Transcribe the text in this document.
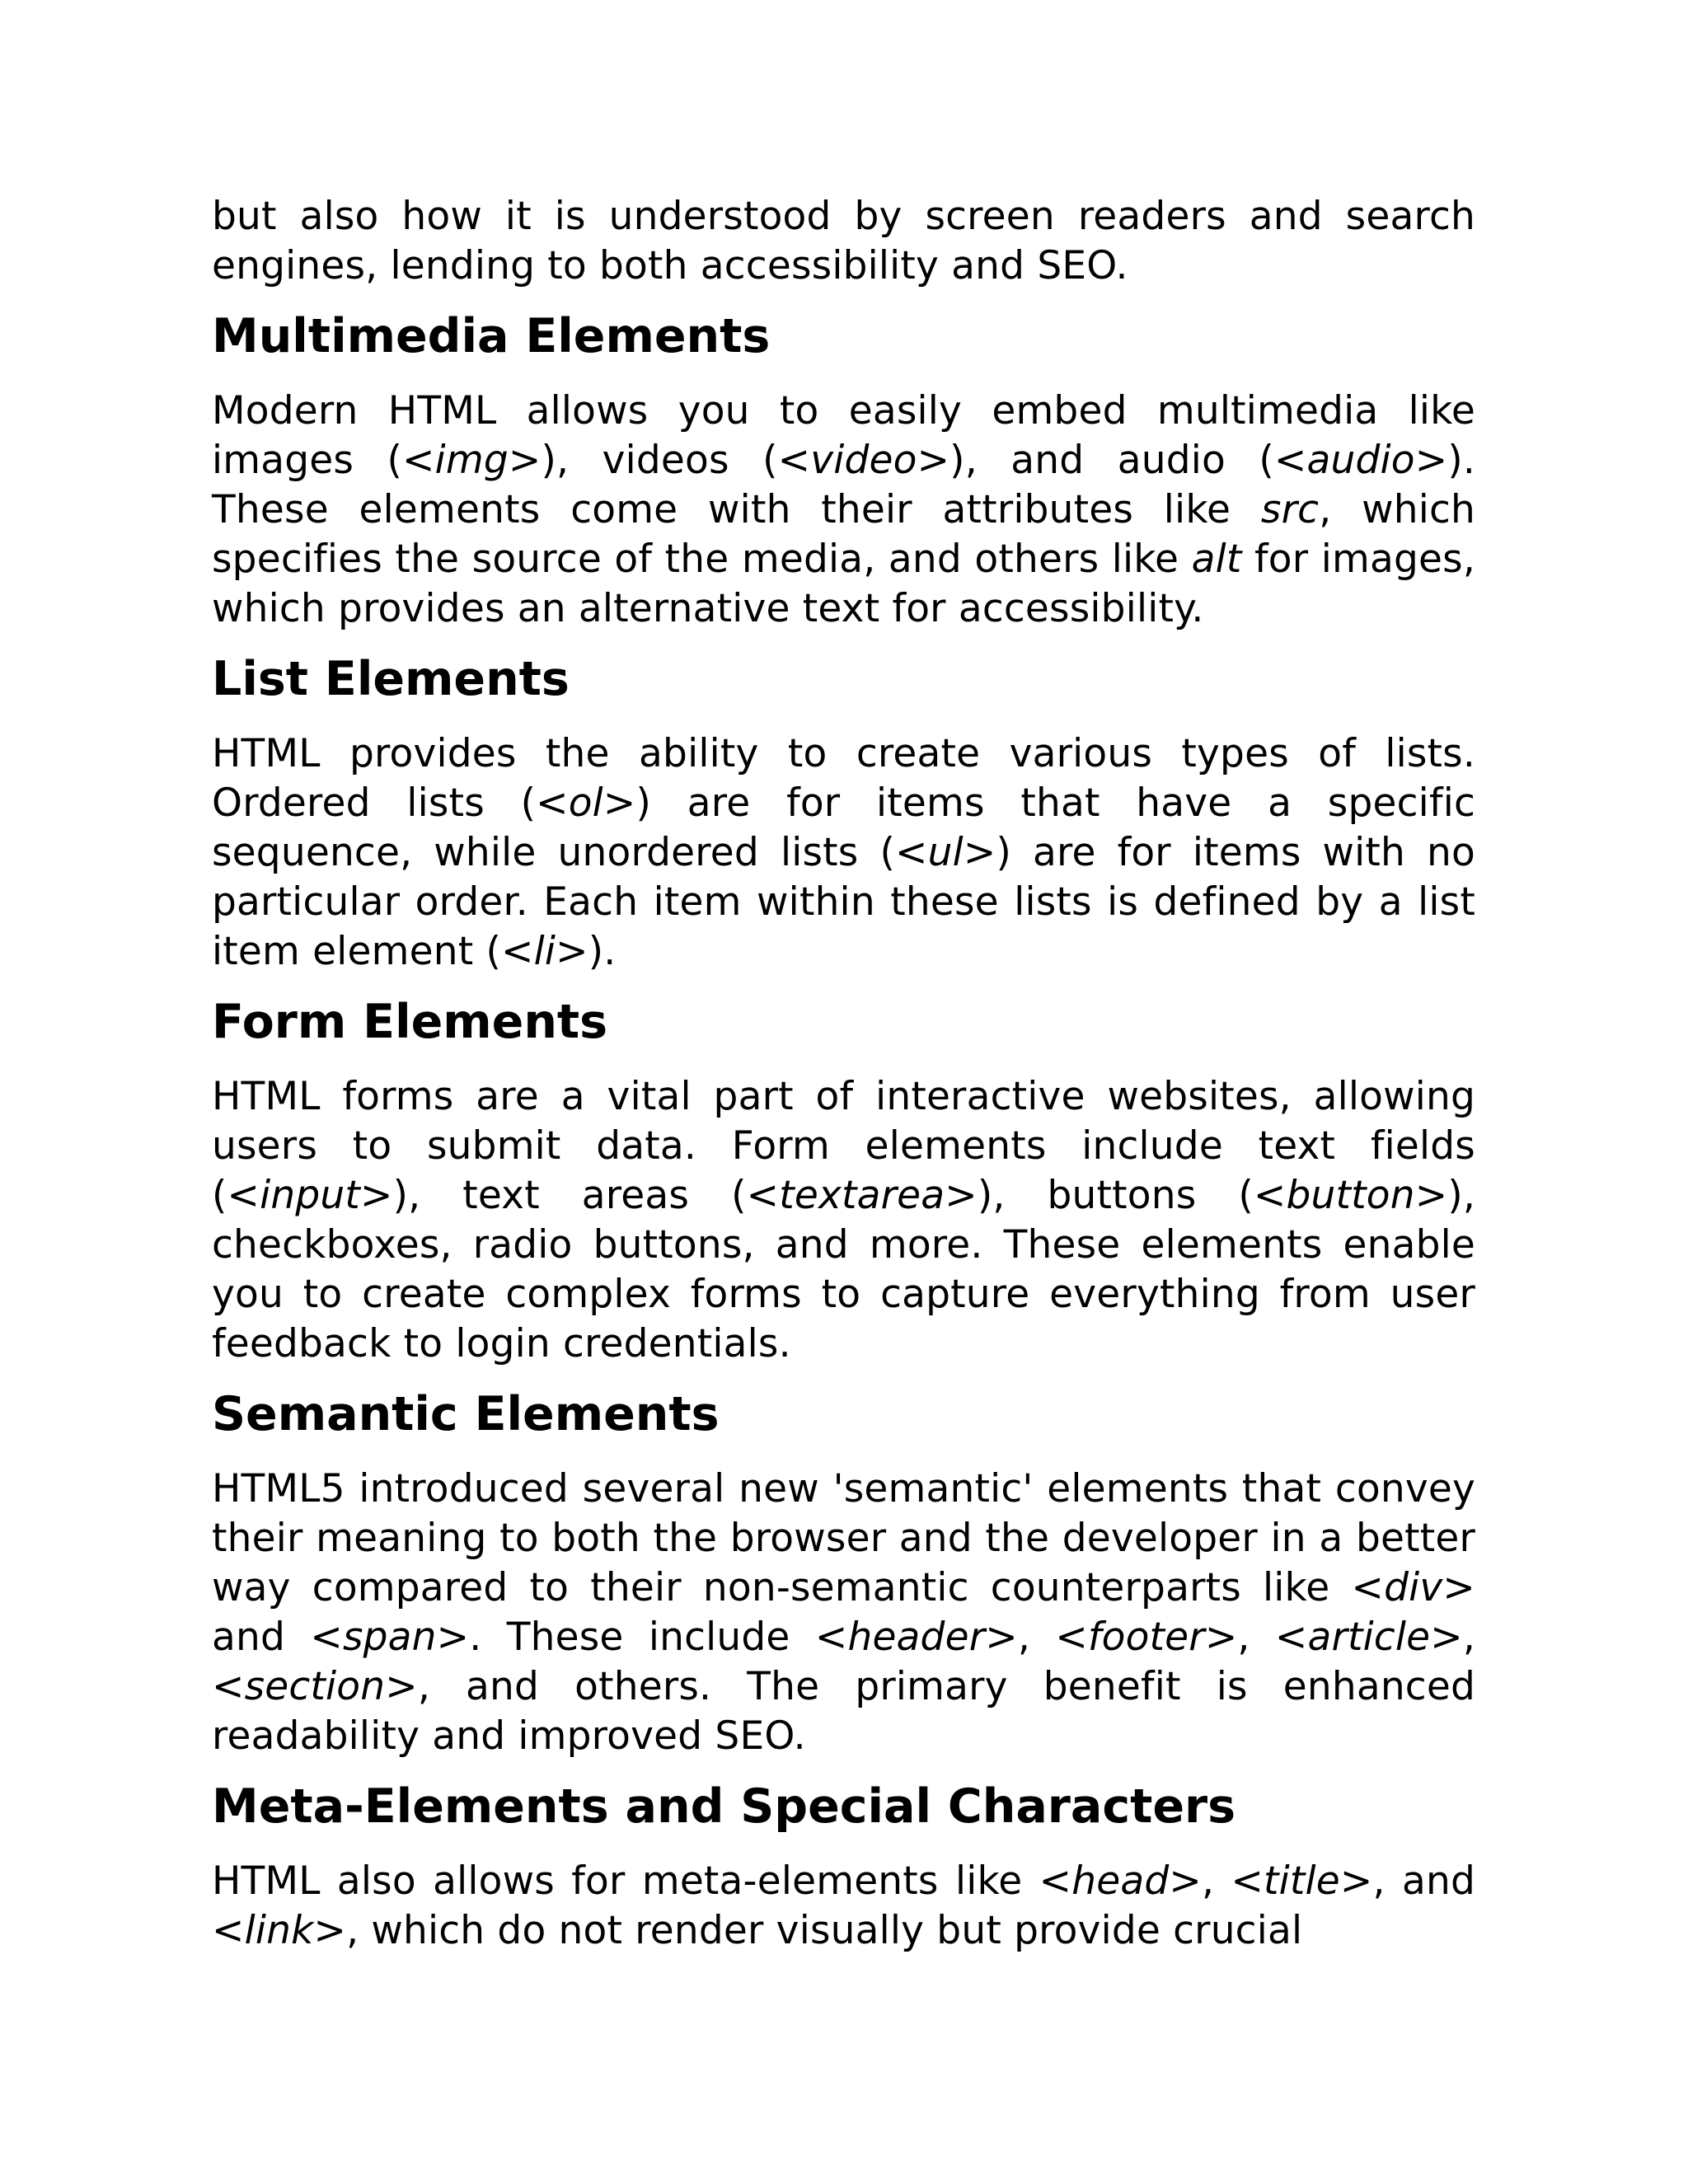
but also how it is understood by screen readers and search engines, lending to both accessibility and SEO.

Multimedia Elements

Modern HTML allows you to easily embed multimedia like images (<img>), videos (<video>), and audio (<audio>). These elements come with their attributes like src, which specifies the source of the media, and others like alt for images, which provides an alternative text for accessibility.

List Elements

HTML provides the ability to create various types of lists. Ordered lists (<ol>) are for items that have a specific sequence, while unordered lists (<ul>) are for items with no particular order. Each item within these lists is defined by a list item element (<li>).

Form Elements

HTML forms are a vital part of interactive websites, allowing users to submit data. Form elements include text fields (<input>), text areas (<textarea>), buttons (<button>), checkboxes, radio buttons, and more. These elements enable you to create complex forms to capture everything from user feedback to login credentials.

Semantic Elements

HTML5 introduced several new 'semantic' elements that convey their meaning to both the browser and the developer in a better way compared to their non-semantic counterparts like <div> and <span>. These include <header>, <footer>, <article>, <section>, and others. The primary benefit is enhanced readability and improved SEO.

Meta-Elements and Special Characters

HTML also allows for meta-elements like <head>, <title>, and <link>, which do not render visually but provide crucial
